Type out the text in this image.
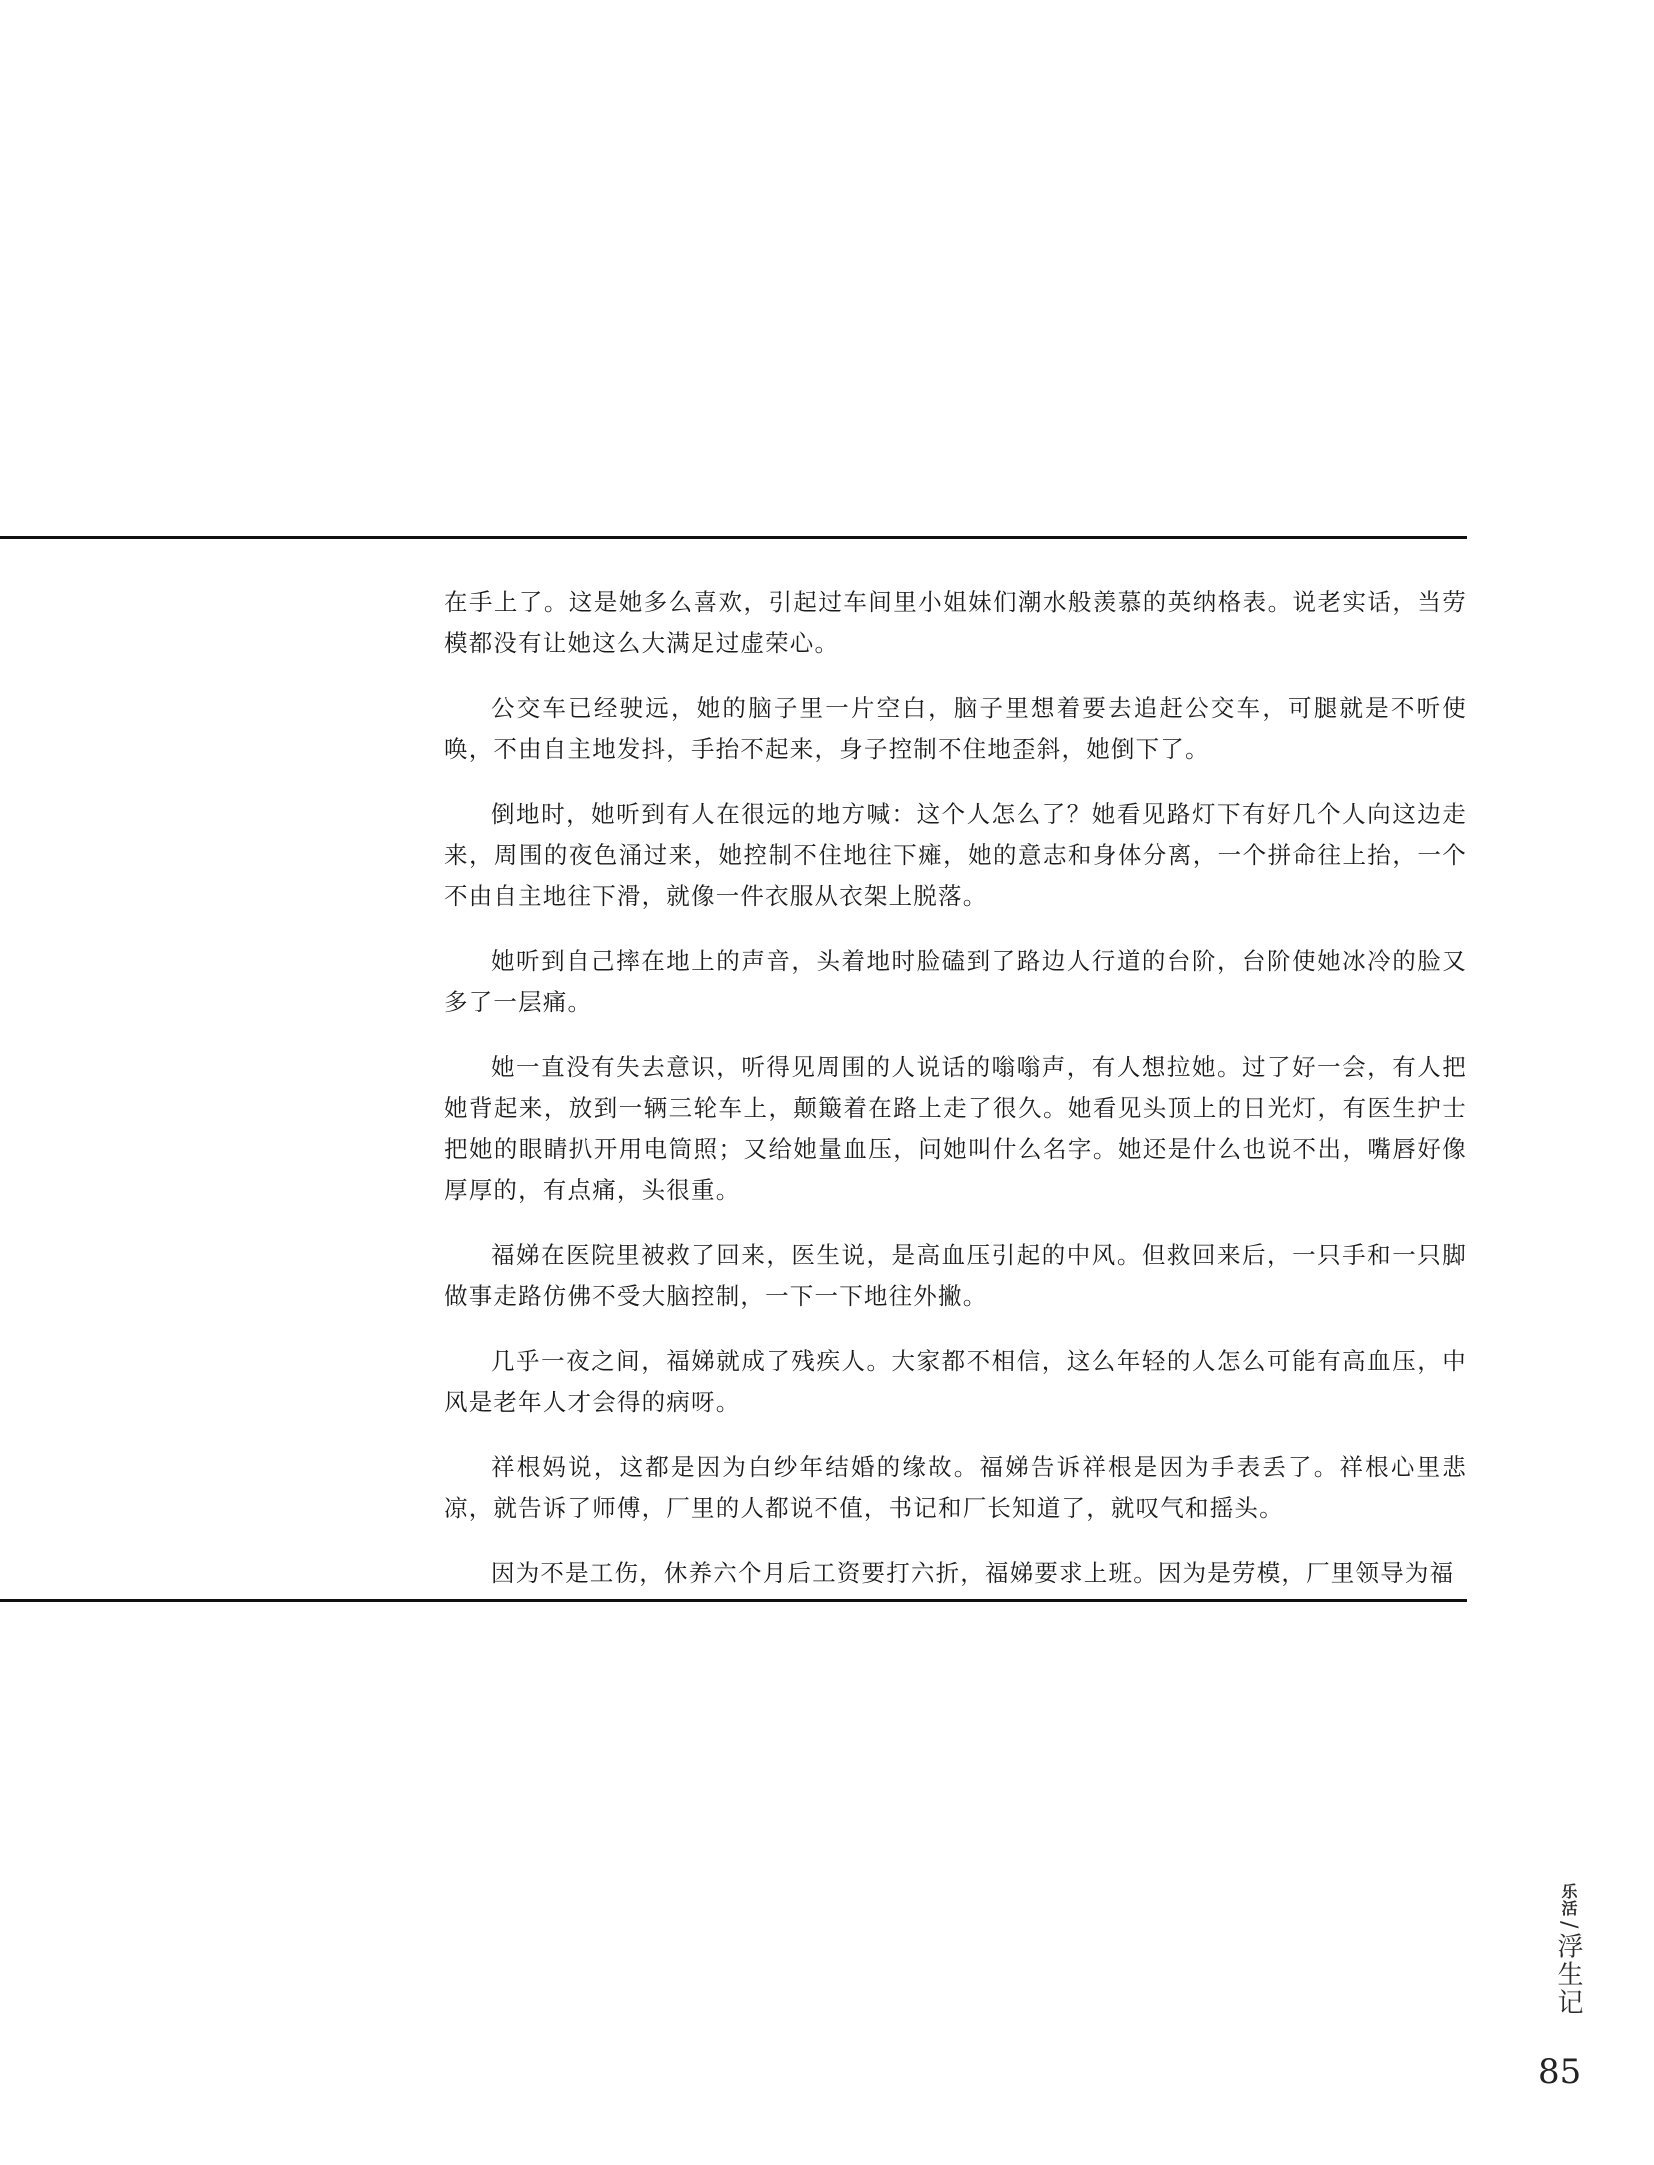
在手上了。这是她多么喜欢，引起过车间里小姐妹们潮水般羡慕的英纳格表。说老实话，当劳模都没有让她这么大满足过虚荣心。

公交车已经驶远，她的脑子里一片空白，脑子里想着要去追赶公交车，可腿就是不听使唤，不由自主地发抖，手抬不起来，身子控制不住地歪斜，她倒下了。

倒地时，她听到有人在很远的地方喊：这个人怎么了？她看见路灯下有好几个人向这边走来，周围的夜色涌过来，她控制不住地往下瘫，她的意志和身体分离，一个拼命往上抬，一个不由自主地往下滑，就像一件衣服从衣架上脱落。

她听到自己摔在地上的声音，头着地时脸磕到了路边人行道的台阶，台阶使她冰冷的脸又多了一层痛。

她一直没有失去意识，听得见周围的人说话的嗡嗡声，有人想拉她。过了好一会，有人把她背起来，放到一辆三轮车上，颠簸着在路上走了很久。她看见头顶上的日光灯，有医生护士把她的眼睛扒开用电筒照；又给她量血压，问她叫什么名字。她还是什么也说不出，嘴唇好像厚厚的，有点痛，头很重。

福娣在医院里被救了回来，医生说，是高血压引起的中风。但救回来后，一只手和一只脚做事走路仿佛不受大脑控制，一下一下地往外撇。

几乎一夜之间，福娣就成了残疾人。大家都不相信，这么年轻的人怎么可能有高血压，中风是老年人才会得的病呀。

祥根妈说，这都是因为白纱年结婚的缘故。福娣告诉祥根是因为手表丢了。祥根心里悲凉，就告诉了师傅，厂里的人都说不值，书记和厂长知道了，就叹气和摇头。

因为不是工伤，休养六个月后工资要打六折，福娣要求上班。因为是劳模，厂里领导为福

乐活/浮生记
85
